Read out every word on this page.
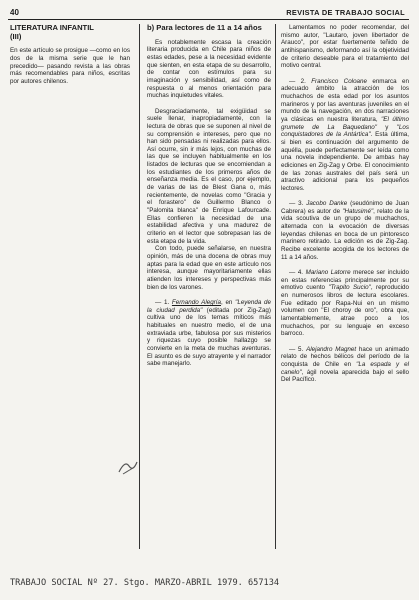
40	REVISTA DE TRABAJO SOCIAL
LITERATURA INFANTIL
(III)

En este artículo se prosigue —como en los dos de la misma serie que le han precedido— pasando revista a las obras más recomendables para niños, escritas por autores chilenos.

b) Para lectores de 11 a 14 años

Es notablemente escasa la creación literaria producida en Chile para niños de estas edades, pese a la necesidad evidente que sienten, en esta etapa de su desarrollo, de contar con estímulos para su imaginación y sensibilidad, así como de respuesta o al menos orientación para muchas inquietudes vitales.

Desgraciadamente, tal exigüidad se suele llenar, inapropiadamente, con la lectura de obras que se suponen al nivel de su comprensión e intereses, pero que no han sido pensadas ni realizadas para ellos. Así ocurre, sin ir más lejos, con muchas de las que se incluyen habitualmente en los listados de lecturas que se encomiendan a los estudiantes de los primeros años de enseñanza media. Es el caso, por ejemplo, de varias de las de Blest Gana o, más recientemente, de novelas como "Gracia y el forastero" de Guillermo Blanco o "Palomita blanca" de Enrique Lafourcade. Ellas confieren la necesidad de una estabilidad afectiva y una madurez de criterio en el lector que sobrepasan las de esta etapa de la vida.

Con todo, puede señalarse, en nuestra opinión, más de una docena de obras muy aptas para la edad que en este artículo nos interesa, aunque mayoritariamente ellas atienden los intereses y perspectivas más bien de los varones.

— 1. Fernando Alegría, en "Leyenda de la ciudad perdida" (editada por Zig-Zag) cultiva uno de los temas míticos más habituales en nuestro medio, el de una extraviada urbe, fabulosa por sus misterios y riquezas cuyo posible hallazgo se convierte en la meta de muchas aventuras. El asunto es de suyo atrayente y el narrador sabe manejarlo.

Lamentamos no poder recomendar, del mismo autor, "Lautaro, joven libertador de Arauco", por estar fuertemente teñido de antihispanismo, deformando así la objetividad de criterio deseable para el tratamiento del motivo central.

— 2. Francisco Coloane enmarca en adecuado ámbito la atracción de los muchachos de esta edad por los asuntos marineros y por las aventuras juveniles en el mundo de la navegación, en dos narraciones ya clásicas en nuestra literatura, "El último grumete de La Baquedano" y "Los conquistadores de la Antártica". Esta última, si bien es continuación del argumento de aquélla, puede perfectamente ser leída como una novela independiente. De ambas hay ediciones en Zig-Zag y Orbe. El conocimiento de las zonas australes del país será un atractivo adicional para los pequeños lectores.

— 3. Jacobo Danke (seudónimo de Juan Cabrera) es autor de "Hatusimé", relato de la vida scoutiva de un grupo de muchachos, alternada con la evocación de diversas leyendas chilenas en boca de un pintoresco marinero retirado. La edición es de Zig-Zag. Recibe excelente acogida de los lectores de 11 a 14 años.

— 4. Mariano Latorre merece ser incluido en estas referencias principalmente por su emotivo cuento "Trapito Sucio", reproducido en numerosos libros de lectura escolares. Fue editado por Rapa-Nui en un mismo volumen con "El choroy de oro", obra que, lamentablemente, atrae poco a los muchachos, por su lenguaje en exceso barroco.

— 5. Alejandro Magnet hace un animado relato de hechos bélicos del período de la conquista de Chile en "La espada y el canelo", ágil novela aparecida bajo el sello Del Pacífico.

TRABAJO SOCIAL Nº 27. Stgo. MARZO-ABRIL 1979. 657134
